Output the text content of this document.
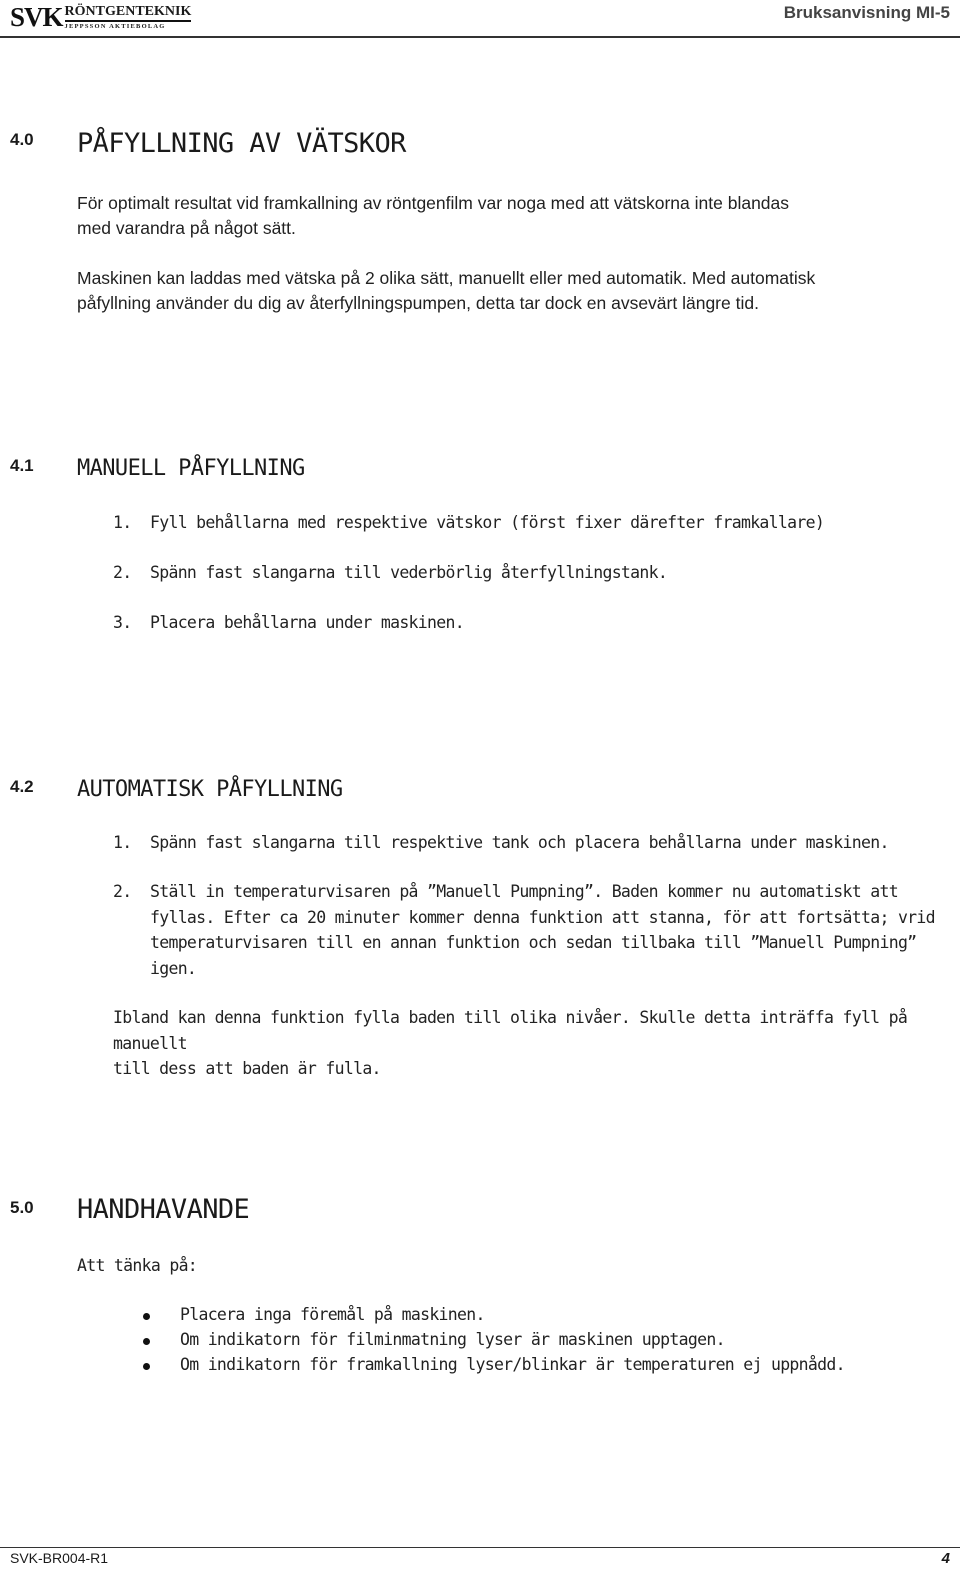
SVK RÖNTGENTEKNIK
JEPPSSON AKTIEBOLAG
Bruksanvisning MI-5
4.0 PÅFYLLNING AV VÄTSKOR
För optimalt resultat vid framkallning av röntgenfilm var noga med att vätskorna inte blandas
med varandra på något sätt.
Maskinen kan laddas med vätska på 2 olika sätt, manuellt eller med automatik. Med automatisk
påfyllning använder du dig av återfyllningspumpen, detta tar dock en avsevärt längre tid.
4.1 MANUELL PÅFYLLNING
1. Fyll behållarna med respektive vätskor (först fixer därefter framkallare)
2. Spänn fast slangarna till vederbörlig återfyllningstank.
3. Placera behållarna under maskinen.
4.2 AUTOMATISK PÅFYLLNING
1. Spänn fast slangarna till respektive tank och placera behållarna under maskinen.
2. Ställ in temperaturvisaren på ”Manuell Pumpning”. Baden kommer nu automatiskt att
fyllas. Efter ca 20 minuter kommer denna funktion att stanna, för att fortsätta; vrid
temperaturvisaren till en annan funktion och sedan tillbaka till ”Manuell Pumpning”
igen.
Ibland kan denna funktion fylla baden till olika nivåer. Skulle detta inträffa fyll på manuellt
till dess att baden är fulla.
5.0 HANDHAVANDE
Att tänka på:
Placera inga föremål på maskinen.
Om indikatorn för filminmatning lyser är maskinen upptagen.
Om indikatorn för framkallning lyser/blinkar är temperaturen ej uppnådd.
SVK-BR004-R1	4
